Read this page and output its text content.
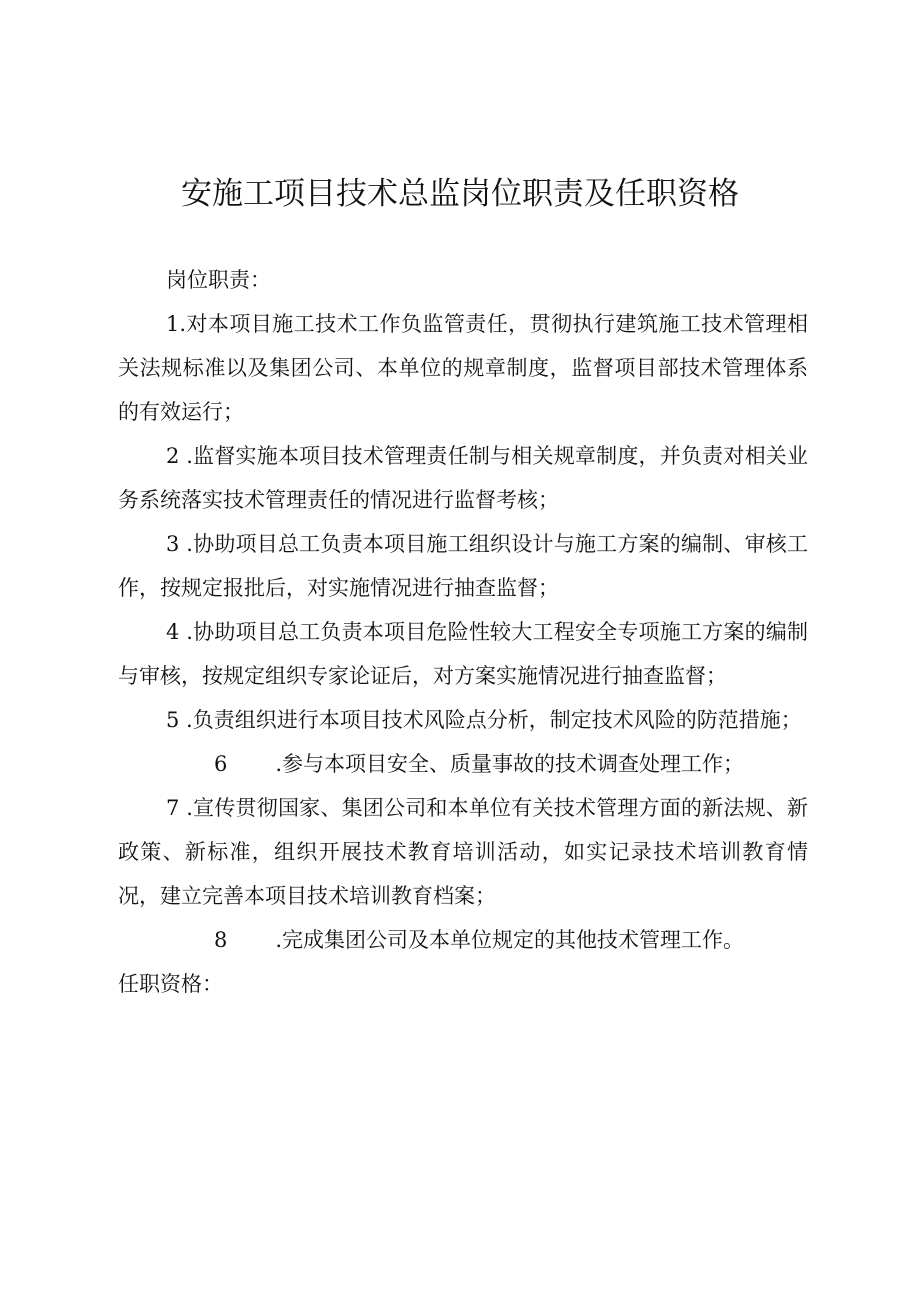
安施工项目技术总监岗位职责及任职资格

岗位职责：

1.对本项目施工技术工作负监管责任，贯彻执行建筑施工技术管理相关法规标准以及集团公司、本单位的规章制度，监督项目部技术管理体系的有效运行；

2 .监督实施本项目技术管理责任制与相关规章制度，并负责对相关业务系统落实技术管理责任的情况进行监督考核；

3 .协助项目总工负责本项目施工组织设计与施工方案的编制、审核工作，按规定报批后，对实施情况进行抽查监督；

4 .协助项目总工负责本项目危险性较大工程安全专项施工方案的编制与审核，按规定组织专家论证后，对方案实施情况进行抽查监督；

5 .负责组织进行本项目技术风险点分析，制定技术风险的防范措施；

6 .参与本项目安全、质量事故的技术调查处理工作；

7 .宣传贯彻国家、集团公司和本单位有关技术管理方面的新法规、新政策、新标准，组织开展技术教育培训活动，如实记录技术培训教育情况，建立完善本项目技术培训教育档案；

8 .完成集团公司及本单位规定的其他技术管理工作。

任职资格：
